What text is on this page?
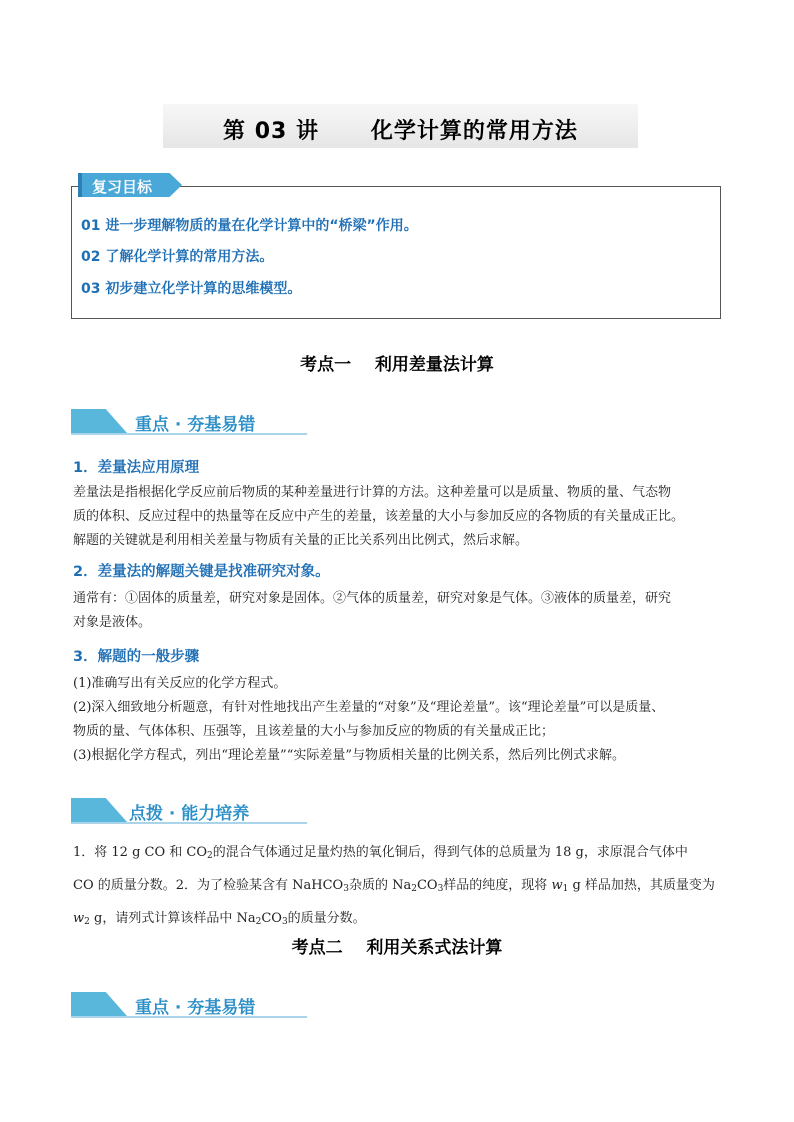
第 03 讲      化学计算的常用方法
复习目标
01 进一步理解物质的量在化学计算中的“桥梁”作用。
02 了解化学计算的常用方法。
03 初步建立化学计算的思维模型。
考点一    利用差量法计算
重点 · 夯基易错
1．差量法应用原理

差量法是指根据化学反应前后物质的某种差量进行计算的方法。这种差量可以是质量、物质的量、气态物

质的体积、反应过程中的热量等在反应中产生的差量，该差量的大小与参加反应的各物质的有关量成正比。

解题的关键就是利用相关差量与物质有关量的正比关系列出比例式，然后求解。

2．差量法的解题关键是找准研究对象。

通常有：①固体的质量差，研究对象是固体。②气体的质量差，研究对象是气体。③液体的质量差，研究

对象是液体。

3．解题的一般步骤

(1)准确写出有关反应的化学方程式。

(2)深入细致地分析题意，有针对性地找出产生差量的“对象”及“理论差量”。该“理论差量”可以是质量、

物质的量、气体体积、压强等，且该差量的大小与参加反应的物质的有关量成正比；

(3)根据化学方程式，列出“理论差量”“实际差量”与物质相关量的比例关系，然后列比例式求解。

点拨 · 能力培养

1．将 12 g CO 和 $CO_2$的混合气体通过足量灼热的氧化铜后，得到气体的总质量为 18 g，求原混合气体中

CO 的质量分数。2．为了检验某含有 NaHCO$_3$杂质的 $Na_2CO_3$样品的纯度，现将 $w_1$ g 样品加热，其质量变为

$w_2$ g，请列式计算该样品中 $Na_2CO_3$的质量分数。

考点二    利用关系式法计算
重点 · 夯基易错
